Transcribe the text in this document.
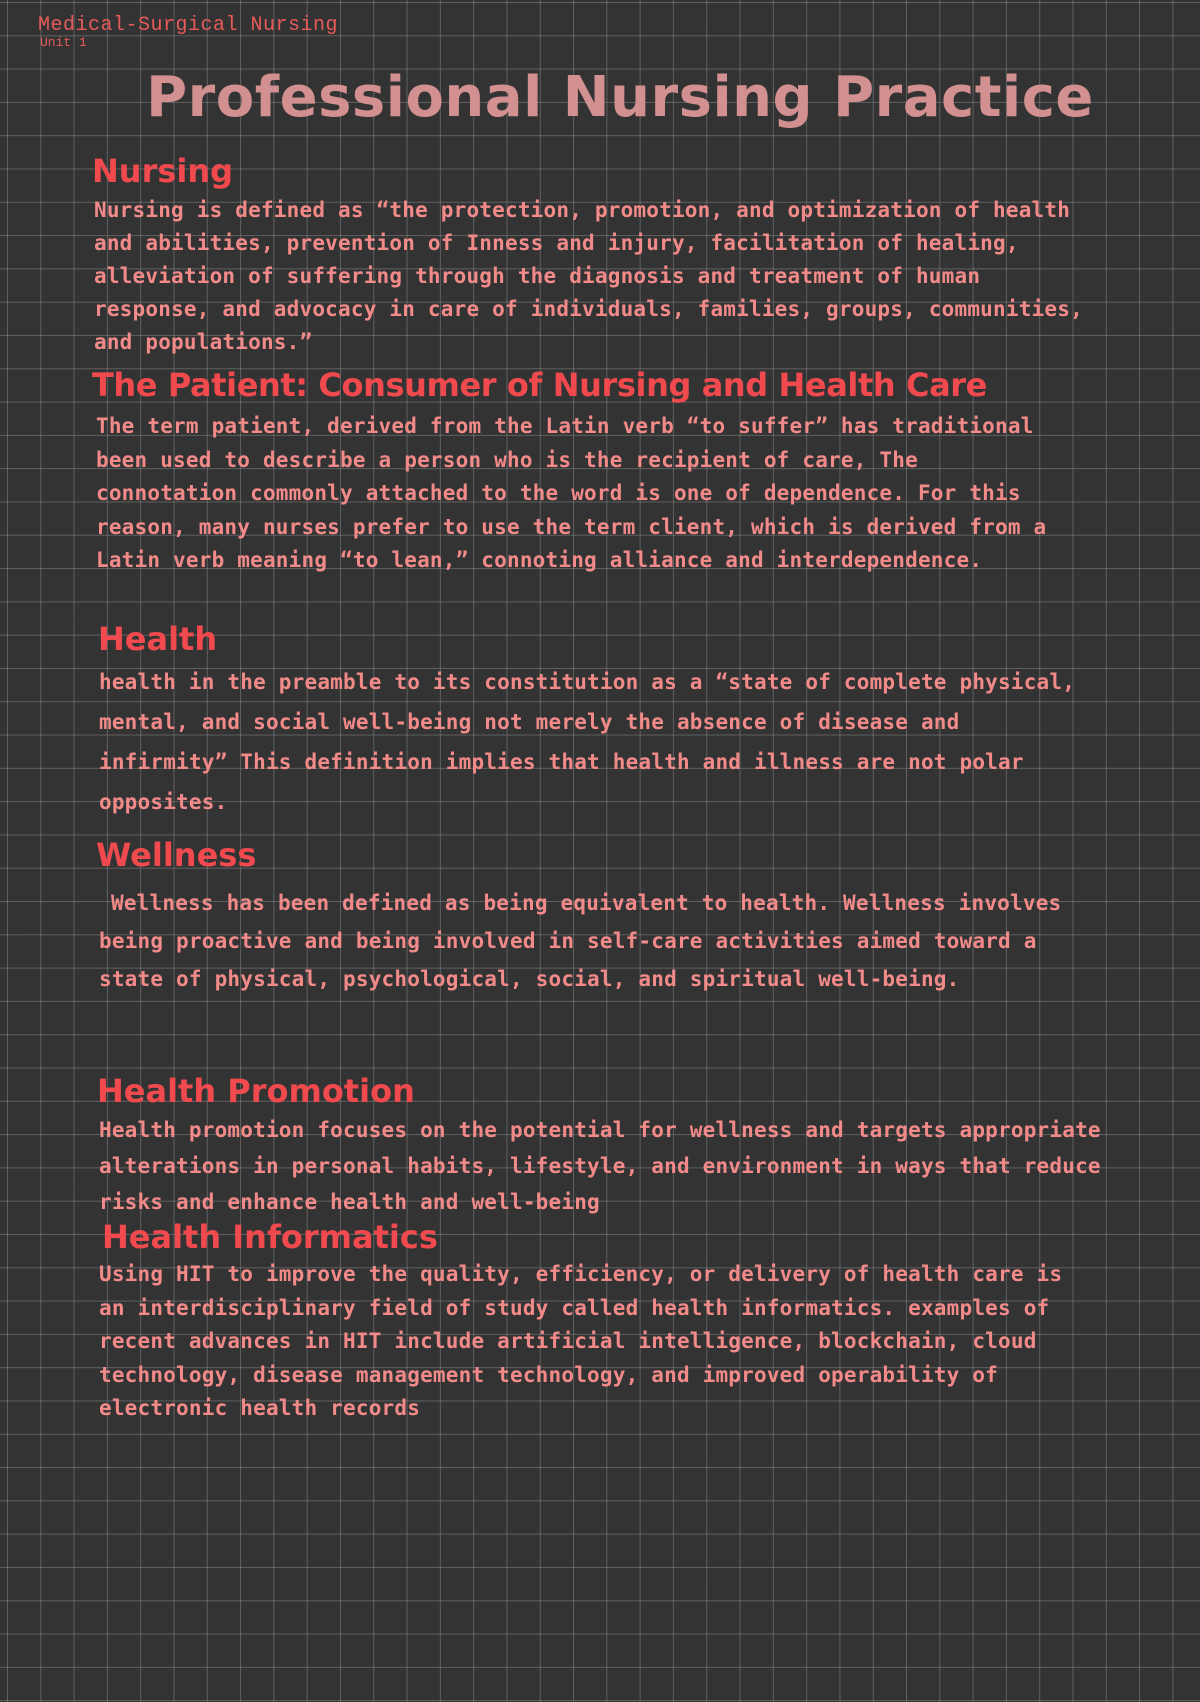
Medical-Surgical Nursing
Unit 1
Professional Nursing Practice
Nursing
Nursing is defined as “the protection, promotion, and optimization of health and abilities, prevention of Inness and injury, facilitation of healing, alleviation of suffering through the diagnosis and treatment of human response, and advocacy in care of individuals, families, groups, communities, and populations.”
The Patient: Consumer of Nursing and Health Care
The term patient, derived from the Latin verb “to suffer” has traditional been used to describe a person who is the recipient of care, The connotation commonly attached to the word is one of dependence. For this reason, many nurses prefer to use the term client, which is derived from a Latin verb meaning “to lean,” connoting alliance and interdependence.
Health
health in the preamble to its constitution as a “state of complete physical, mental, and social well-being not merely the absence of disease and infirmity” This definition implies that health and illness are not polar opposites.
Wellness
Wellness has been defined as being equivalent to health. Wellness involves being proactive and being involved in self-care activities aimed toward a state of physical, psychological, social, and spiritual well-being.
Health Promotion
Health promotion focuses on the potential for wellness and targets appropriate alterations in personal habits, lifestyle, and environment in ways that reduce risks and enhance health and well-being
Health Informatics
Using HIT to improve the quality, efficiency, or delivery of health care is an interdisciplinary field of study called health informatics. examples of recent advances in HIT include artificial intelligence, blockchain, cloud technology, disease management technology, and improved operability of electronic health records
